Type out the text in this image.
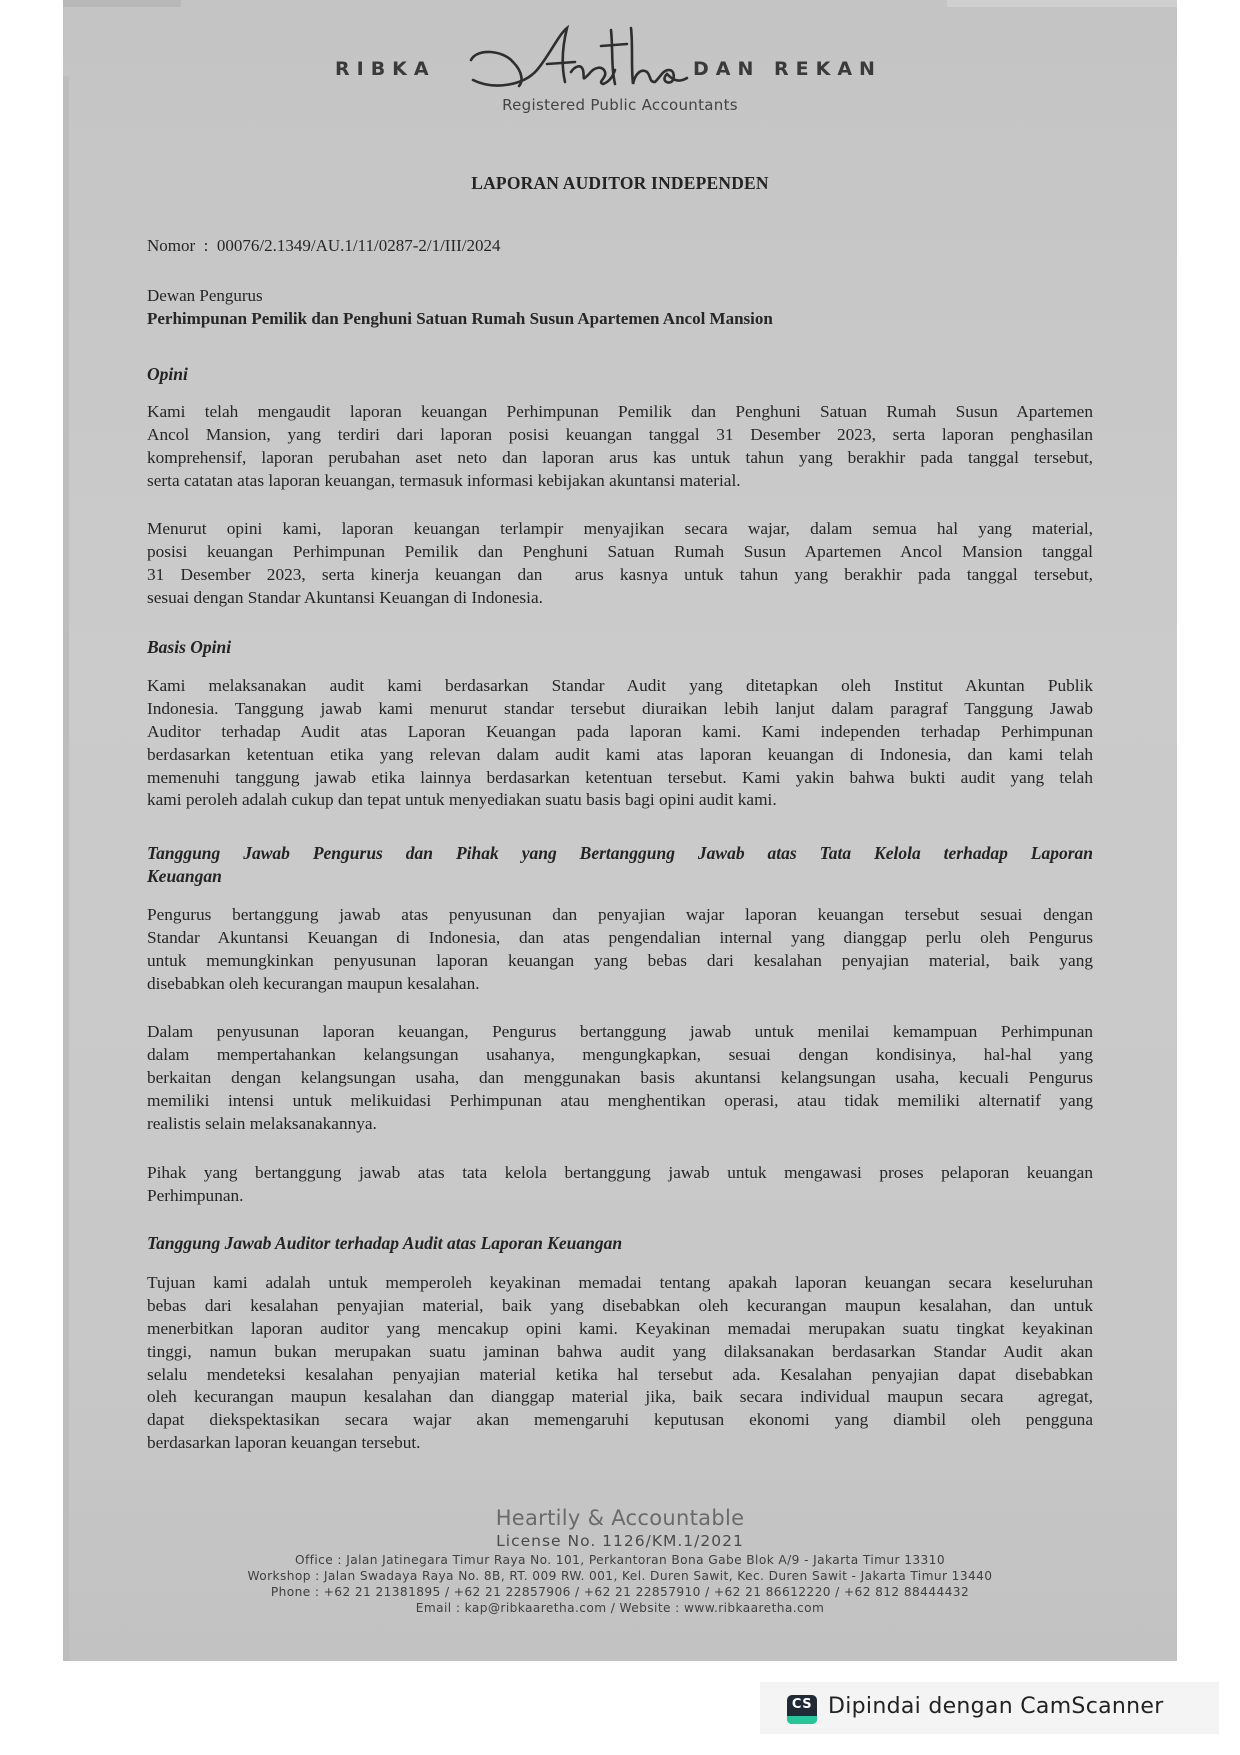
RIBKA	DAN REKAN
Registered Public Accountants
LAPORAN AUDITOR INDEPENDEN
Nomor  :  00076/2.1349/AU.1/11/0287-2/1/III/2024
Dewan Pengurus
Perhimpunan Pemilik dan Penghuni Satuan Rumah Susun Apartemen Ancol Mansion
Opini
Kami telah mengaudit laporan keuangan Perhimpunan Pemilik dan Penghuni Satuan Rumah Susun Apartemen
Ancol Mansion, yang terdiri dari laporan posisi keuangan tanggal 31 Desember 2023, serta laporan penghasilan
komprehensif, laporan perubahan aset neto dan laporan arus kas untuk tahun yang berakhir pada tanggal tersebut,
serta catatan atas laporan keuangan, termasuk informasi kebijakan akuntansi material.
Menurut opini kami, laporan keuangan terlampir menyajikan secara wajar, dalam semua hal yang material,
posisi keuangan Perhimpunan Pemilik dan Penghuni Satuan Rumah Susun Apartemen Ancol Mansion tanggal
31 Desember 2023, serta kinerja keuangan dan  arus kasnya untuk tahun yang berakhir pada tanggal tersebut,
sesuai dengan Standar Akuntansi Keuangan di Indonesia.
Basis Opini
Kami melaksanakan audit kami berdasarkan Standar Audit yang ditetapkan oleh Institut Akuntan Publik
Indonesia. Tanggung jawab kami menurut standar tersebut diuraikan lebih lanjut dalam paragraf Tanggung Jawab
Auditor terhadap Audit atas Laporan Keuangan pada laporan kami. Kami independen terhadap Perhimpunan
berdasarkan ketentuan etika yang relevan dalam audit kami atas laporan keuangan di Indonesia, dan kami telah
memenuhi tanggung jawab etika lainnya berdasarkan ketentuan tersebut. Kami yakin bahwa bukti audit yang telah
kami peroleh adalah cukup dan tepat untuk menyediakan suatu basis bagi opini audit kami.
Tanggung Jawab Pengurus dan Pihak yang Bertanggung Jawab atas Tata Kelola terhadap Laporan
Keuangan
Pengurus bertanggung jawab atas penyusunan dan penyajian wajar laporan keuangan tersebut sesuai dengan
Standar Akuntansi Keuangan di Indonesia, dan atas pengendalian internal yang dianggap perlu oleh Pengurus
untuk memungkinkan penyusunan laporan keuangan yang bebas dari kesalahan penyajian material, baik yang
disebabkan oleh kecurangan maupun kesalahan.
Dalam penyusunan laporan keuangan, Pengurus bertanggung jawab untuk menilai kemampuan Perhimpunan
dalam mempertahankan kelangsungan usahanya, mengungkapkan, sesuai dengan kondisinya, hal-hal yang
berkaitan dengan kelangsungan usaha, dan menggunakan basis akuntansi kelangsungan usaha, kecuali Pengurus
memiliki intensi untuk melikuidasi Perhimpunan atau menghentikan operasi, atau tidak memiliki alternatif yang
realistis selain melaksanakannya.
Pihak yang bertanggung jawab atas tata kelola bertanggung jawab untuk mengawasi proses pelaporan keuangan
Perhimpunan.
Tanggung Jawab Auditor terhadap Audit atas Laporan Keuangan
Tujuan kami adalah untuk memperoleh keyakinan memadai tentang apakah laporan keuangan secara keseluruhan
bebas dari kesalahan penyajian material, baik yang disebabkan oleh kecurangan maupun kesalahan, dan untuk
menerbitkan laporan auditor yang mencakup opini kami. Keyakinan memadai merupakan suatu tingkat keyakinan
tinggi, namun bukan merupakan suatu jaminan bahwa audit yang dilaksanakan berdasarkan Standar Audit akan
selalu mendeteksi kesalahan penyajian material ketika hal tersebut ada. Kesalahan penyajian dapat disebabkan
oleh kecurangan maupun kesalahan dan dianggap material jika, baik secara individual maupun secara  agregat,
dapat diekspektasikan secara wajar akan memengaruhi keputusan ekonomi yang diambil oleh pengguna
berdasarkan laporan keuangan tersebut.
Heartily & Accountable
License No. 1126/KM.1/2021
Office : Jalan Jatinegara Timur Raya No. 101, Perkantoran Bona Gabe Blok A/9 - Jakarta Timur 13310
Workshop : Jalan Swadaya Raya No. 8B, RT. 009 RW. 001, Kel. Duren Sawit, Kec. Duren Sawit - Jakarta Timur 13440
Phone : +62 21 21381895 / +62 21 22857906 / +62 21 22857910 / +62 21 86612220 / +62 812 88444432
Email : kap@ribkaaretha.com / Website : www.ribkaaretha.com
CS Dipindai dengan CamScanner
